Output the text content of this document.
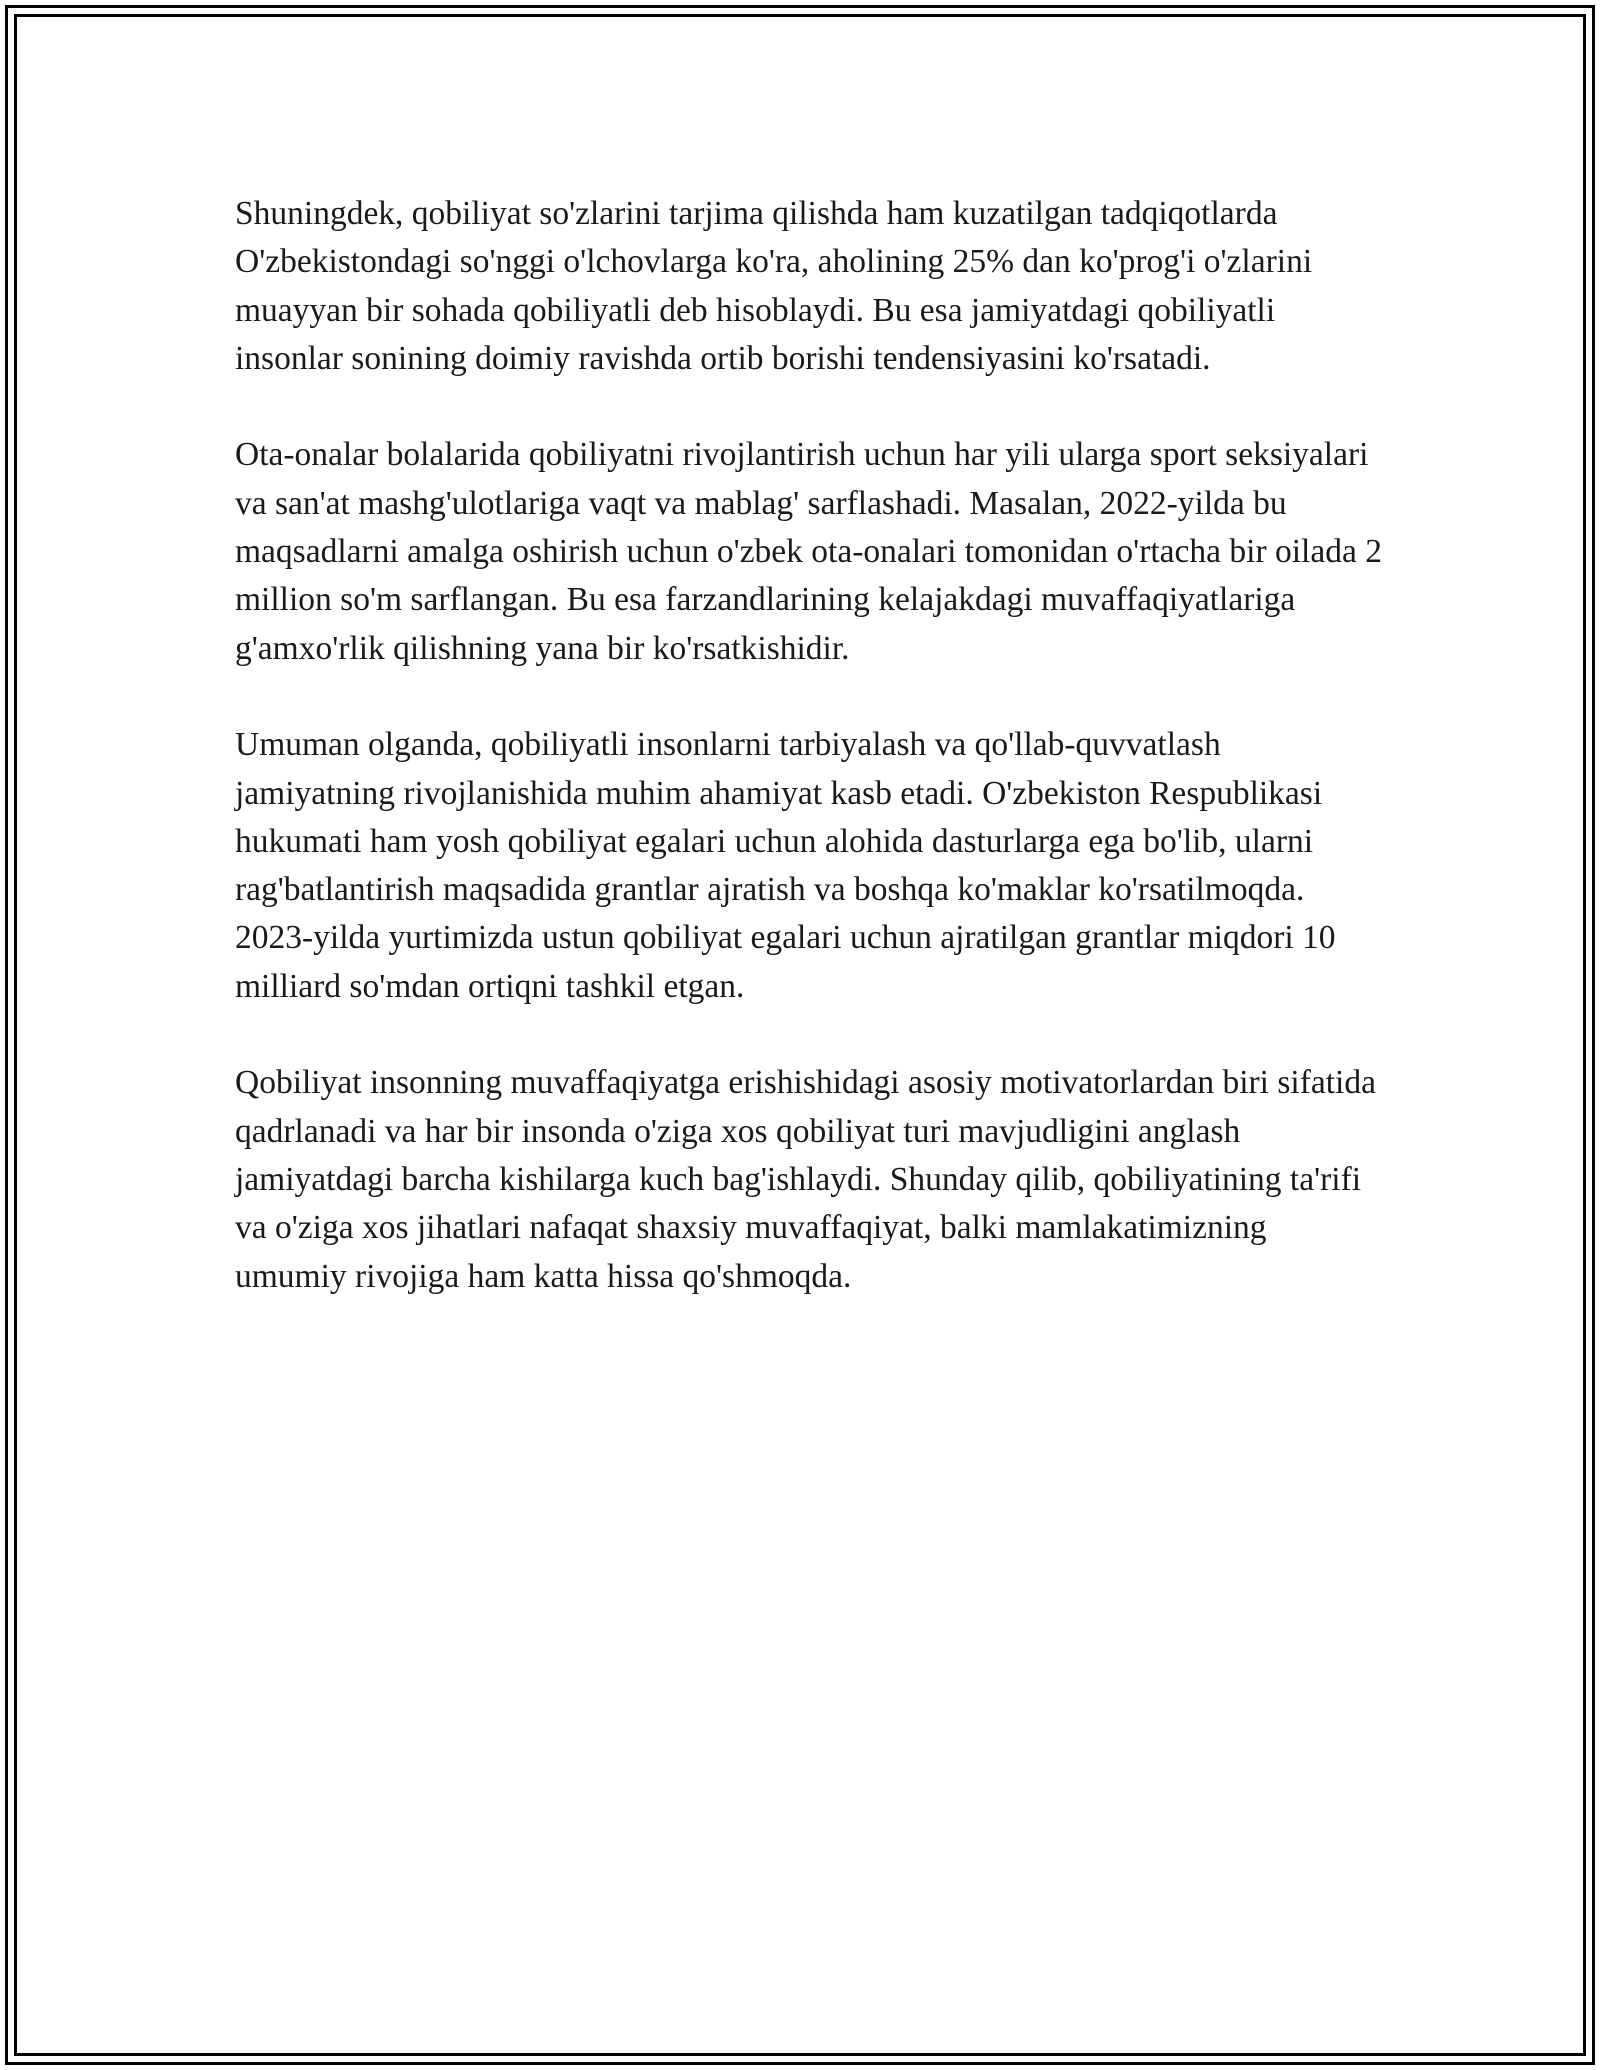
Shuningdek, qobiliyat so'zlarini tarjima qilishda ham kuzatilgan tadqiqotlarda O'zbekistondagi so'nggi o'lchovlarga ko'ra, aholining 25% dan ko'prog'i o'zlarini muayyan bir sohada qobiliyatli deb hisoblaydi. Bu esa jamiyatdagi qobiliyatli insonlar sonining doimiy ravishda ortib borishi tendensiyasini ko'rsatadi.

Ota-onalar bolalarida qobiliyatni rivojlantirish uchun har yili ularga sport seksiyalari va san'at mashg'ulotlariga vaqt va mablag' sarflashadi. Masalan, 2022-yilda bu maqsadlarni amalga oshirish uchun o'zbek ota-onalari tomonidan o'rtacha bir oilada 2 million so'm sarflangan. Bu esa farzandlarining kelajakdagi muvaffaqiyatlariga g'amxo'rlik qilishning yana bir ko'rsatkishidir.

Umuman olganda, qobiliyatli insonlarni tarbiyalash va qo'llab-quvvatlash jamiyatning rivojlanishida muhim ahamiyat kasb etadi. O'zbekiston Respublikasi hukumati ham yosh qobiliyat egalari uchun alohida dasturlarga ega bo'lib, ularni rag'batlantirish maqsadida grantlar ajratish va boshqa ko'maklar ko'rsatilmoqda. 2023-yilda yurtimizda ustun qobiliyat egalari uchun ajratilgan grantlar miqdori 10 milliard so'mdan ortiqni tashkil etgan.

Qobiliyat insonning muvaffaqiyatga erishishidagi asosiy motivatorlardan biri sifatida qadrlanadi va har bir insonda o'ziga xos qobiliyat turi mavjudligini anglash jamiyatdagi barcha kishilarga kuch bag'ishlaydi. Shunday qilib, qobiliyatining ta'rifi va o'ziga xos jihatlari nafaqat shaxsiy muvaffaqiyat, balki mamlakatimizning umumiy rivojiga ham katta hissa qo'shmoqda.
